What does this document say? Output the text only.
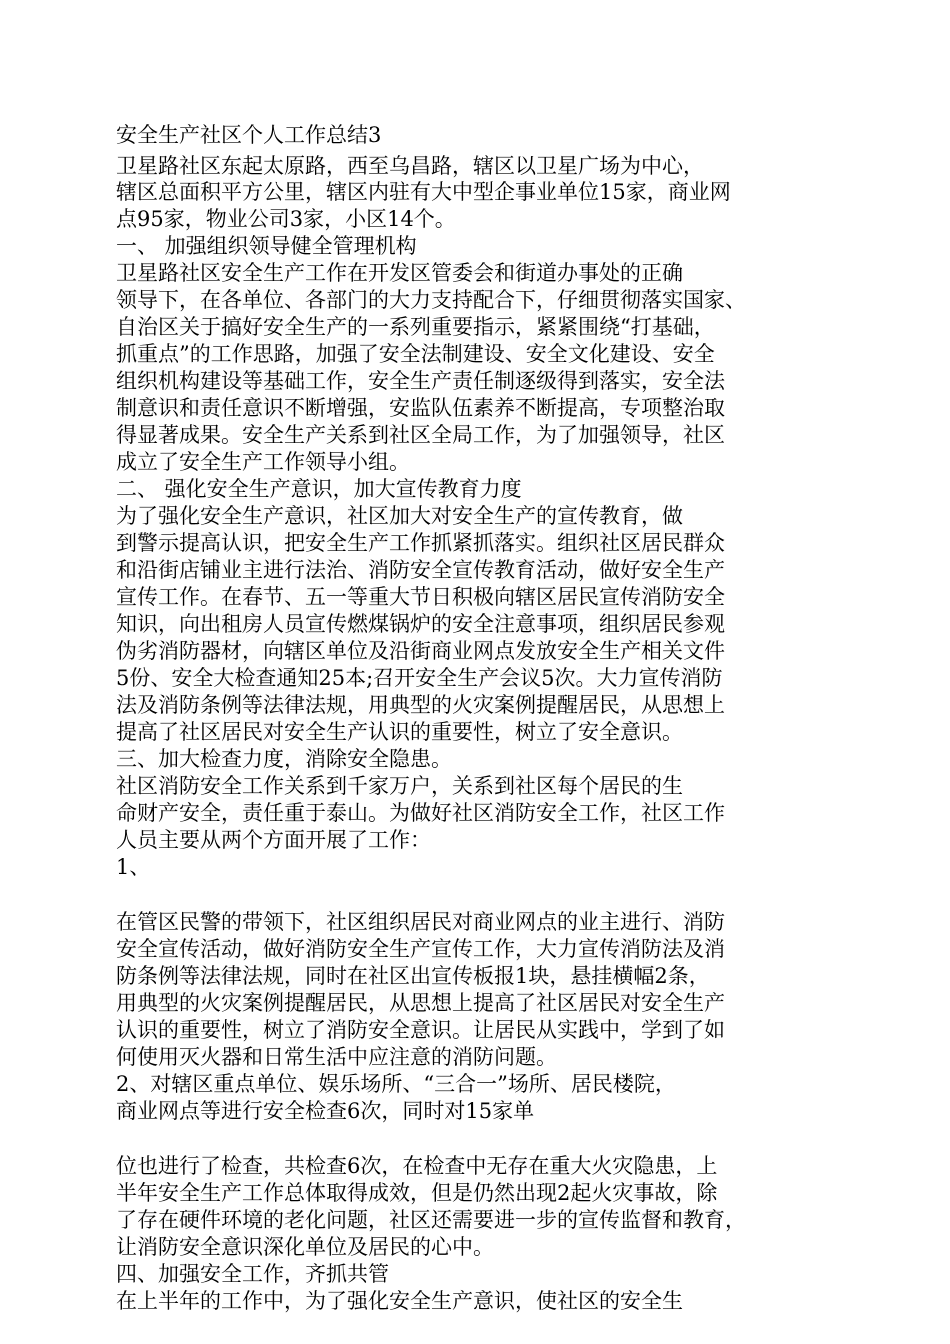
安全生产社区个人工作总结3
卫星路社区东起太原路，西至乌昌路，辖区以卫星广场为中心，
辖区总面积平方公里，辖区内驻有大中型企事业单位15家，商业网
点95家，物业公司3家，小区14个。
一、 加强组织领导健全管理机构
卫星路社区安全生产工作在开发区管委会和街道办事处的正确
领导下，在各单位、各部门的大力支持配合下，仔细贯彻落实国家、
自治区关于搞好安全生产的一系列重要指示，紧紧围绕“打基础，
抓重点”的工作思路，加强了安全法制建设、安全文化建设、安全
组织机构建设等基础工作，安全生产责任制逐级得到落实，安全法
制意识和责任意识不断增强，安监队伍素养不断提高，专项整治取
得显著成果。安全生产关系到社区全局工作，为了加强领导，社区
成立了安全生产工作领导小组。
二、 强化安全生产意识，加大宣传教育力度
为了强化安全生产意识，社区加大对安全生产的宣传教育，做
到警示提高认识，把安全生产工作抓紧抓落实。组织社区居民群众
和沿街店铺业主进行法治、消防安全宣传教育活动，做好安全生产
宣传工作。在春节、五一等重大节日积极向辖区居民宣传消防安全
知识，向出租房人员宣传燃煤锅炉的安全注意事项，组织居民参观
伪劣消防器材，向辖区单位及沿街商业网点发放安全生产相关文件
5份、安全大检查通知25本;召开安全生产会议5次。大力宣传消防
法及消防条例等法律法规，用典型的火灾案例提醒居民，从思想上
提高了社区居民对安全生产认识的重要性，树立了安全意识。
三、加大检查力度，消除安全隐患。
社区消防安全工作关系到千家万户，关系到社区每个居民的生
命财产安全，责任重于泰山。为做好社区消防安全工作，社区工作
人员主要从两个方面开展了工作：
1、
在管区民警的带领下，社区组织居民对商业网点的业主进行、消防
安全宣传活动，做好消防安全生产宣传工作，大力宣传消防法及消
防条例等法律法规，同时在社区出宣传板报1块，悬挂横幅2条，
用典型的火灾案例提醒居民，从思想上提高了社区居民对安全生产
认识的重要性，树立了消防安全意识。让居民从实践中，学到了如
何使用灭火器和日常生活中应注意的消防问题。
2、对辖区重点单位、娱乐场所、“三合一”场所、居民楼院，
商业网点等进行安全检查6次，同时对15家单
位也进行了检查，共检查6次，在检查中无存在重大火灾隐患，上
半年安全生产工作总体取得成效，但是仍然出现2起火灾事故，除
了存在硬件环境的老化问题，社区还需要进一步的宣传监督和教育，
让消防安全意识深化单位及居民的心中。
四、加强安全工作，齐抓共管
在上半年的工作中，为了强化安全生产意识，使社区的安全生
